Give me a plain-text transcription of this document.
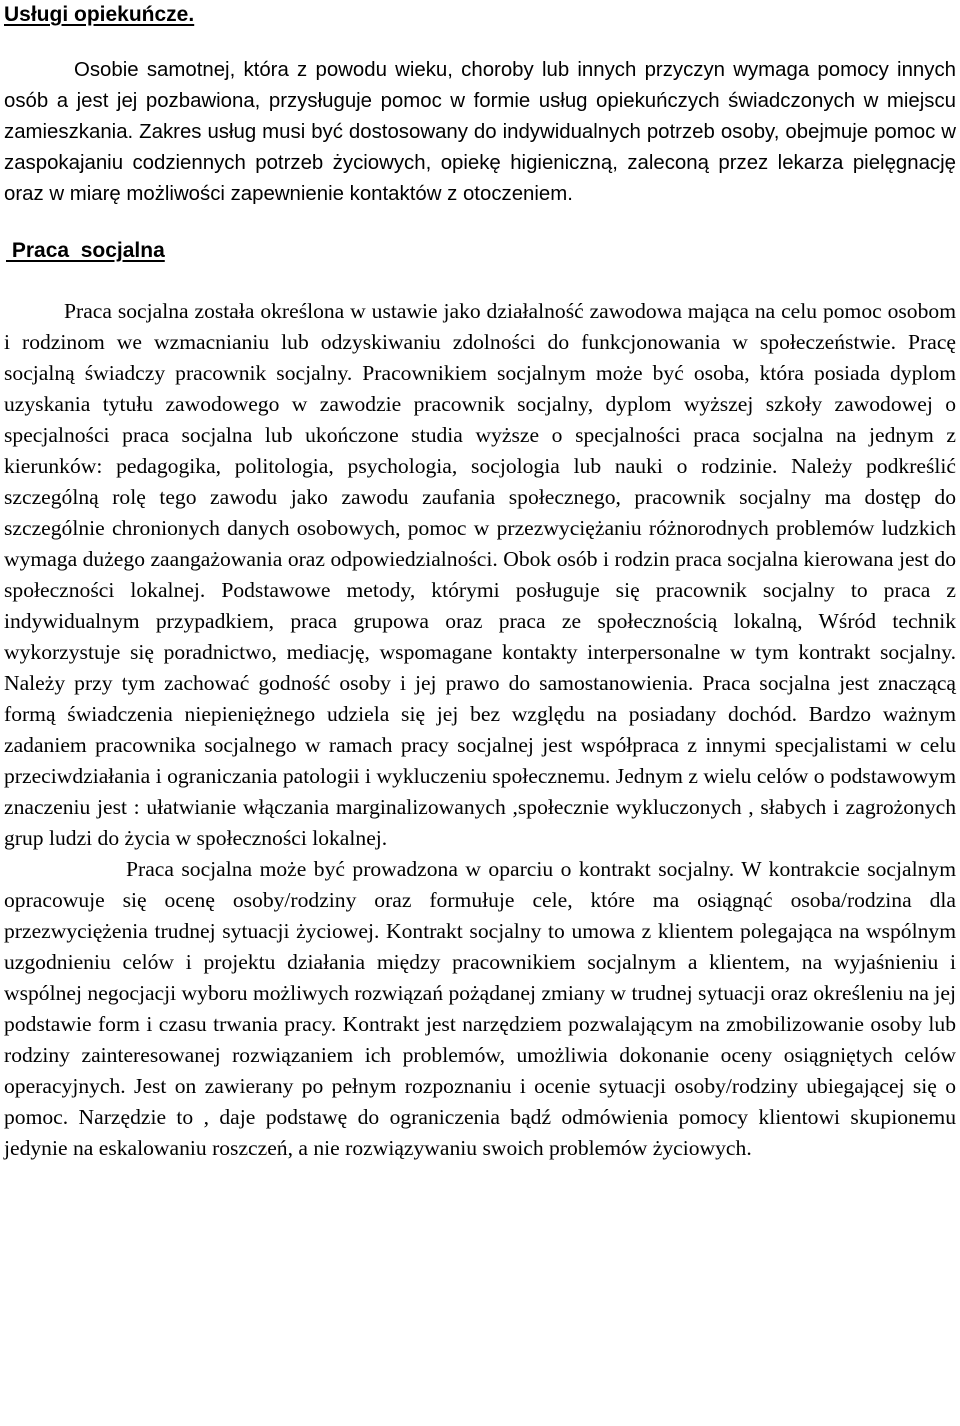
Usługi opiekuńcze.

Osobie samotnej, która z powodu wieku, choroby lub innych przyczyn wymaga pomocy innych osób a jest jej pozbawiona, przysługuje pomoc w formie usług opiekuńczych świadczonych w miejscu zamieszkania. Zakres usług musi być dostosowany do indywidualnych potrzeb osoby, obejmuje pomoc w zaspokajaniu codziennych potrzeb życiowych, opiekę higieniczną, zaleconą przez lekarza pielęgnację oraz w miarę możliwości zapewnienie kontaktów z otoczeniem.

Praca  socjalna

Praca socjalna została określona w ustawie jako działalność zawodowa mająca na celu pomoc osobom i rodzinom we wzmacnianiu lub odzyskiwaniu zdolności do funkcjonowania w społeczeństwie. Pracę socjalną świadczy pracownik socjalny. Pracownikiem socjalnym może być osoba, która posiada dyplom uzyskania tytułu zawodowego w zawodzie pracownik socjalny, dyplom wyższej szkoły zawodowej o specjalności praca socjalna lub ukończone studia wyższe o specjalności praca socjalna na jednym z kierunków: pedagogika, politologia, psychologia, socjologia lub nauki o rodzinie. Należy podkreślić szczególną rolę tego zawodu jako zawodu zaufania społecznego, pracownik socjalny ma dostęp do szczególnie chronionych danych osobowych, pomoc w przezwyciężaniu różnorodnych problemów ludzkich wymaga dużego zaangażowania oraz odpowiedzialności. Obok osób i rodzin praca socjalna kierowana jest do społeczności lokalnej. Podstawowe metody, którymi posługuje się pracownik socjalny to praca z indywidualnym przypadkiem, praca grupowa oraz praca ze społecznością lokalną, Wśród technik wykorzystuje się poradnictwo, mediację, wspomagane kontakty interpersonalne w tym kontrakt socjalny. Należy przy tym zachować godność osoby i jej prawo do samostanowienia. Praca socjalna jest znaczącą formą świadczenia niepieniężnego udziela się jej bez względu na posiadany dochód. Bardzo ważnym zadaniem pracownika socjalnego w ramach pracy socjalnej jest współpraca z innymi specjalistami w celu przeciwdziałania i ograniczania patologii i wykluczeniu społecznemu. Jednym z wielu celów o podstawowym znaczeniu jest : ułatwianie włączania marginalizowanych ,społecznie wykluczonych , słabych i zagrożonych grup ludzi do życia w społeczności lokalnej.

Praca socjalna może być prowadzona w oparciu o kontrakt socjalny. W kontrakcie socjalnym opracowuje się ocenę osoby/rodziny oraz formułuje cele, które ma osiągnąć osoba/rodzina dla przezwyciężenia trudnej sytuacji życiowej. Kontrakt socjalny to umowa z klientem polegająca na wspólnym uzgodnieniu celów i projektu działania między pracownikiem socjalnym a klientem, na wyjaśnieniu i wspólnej negocjacji wyboru możliwych rozwiązań pożądanej zmiany w trudnej sytuacji oraz określeniu na jej podstawie form i czasu trwania pracy. Kontrakt jest narzędziem pozwalającym na zmobilizowanie osoby lub rodziny zainteresowanej rozwiązaniem ich problemów, umożliwia dokonanie oceny osiągniętych celów operacyjnych. Jest on zawierany po pełnym rozpoznaniu i ocenie sytuacji osoby/rodziny ubiegającej się o pomoc. Narzędzie to , daje podstawę do ograniczenia bądź odmówienia pomocy klientowi skupionemu jedynie na eskalowaniu roszczeń, a nie rozwiązywaniu swoich problemów życiowych.
